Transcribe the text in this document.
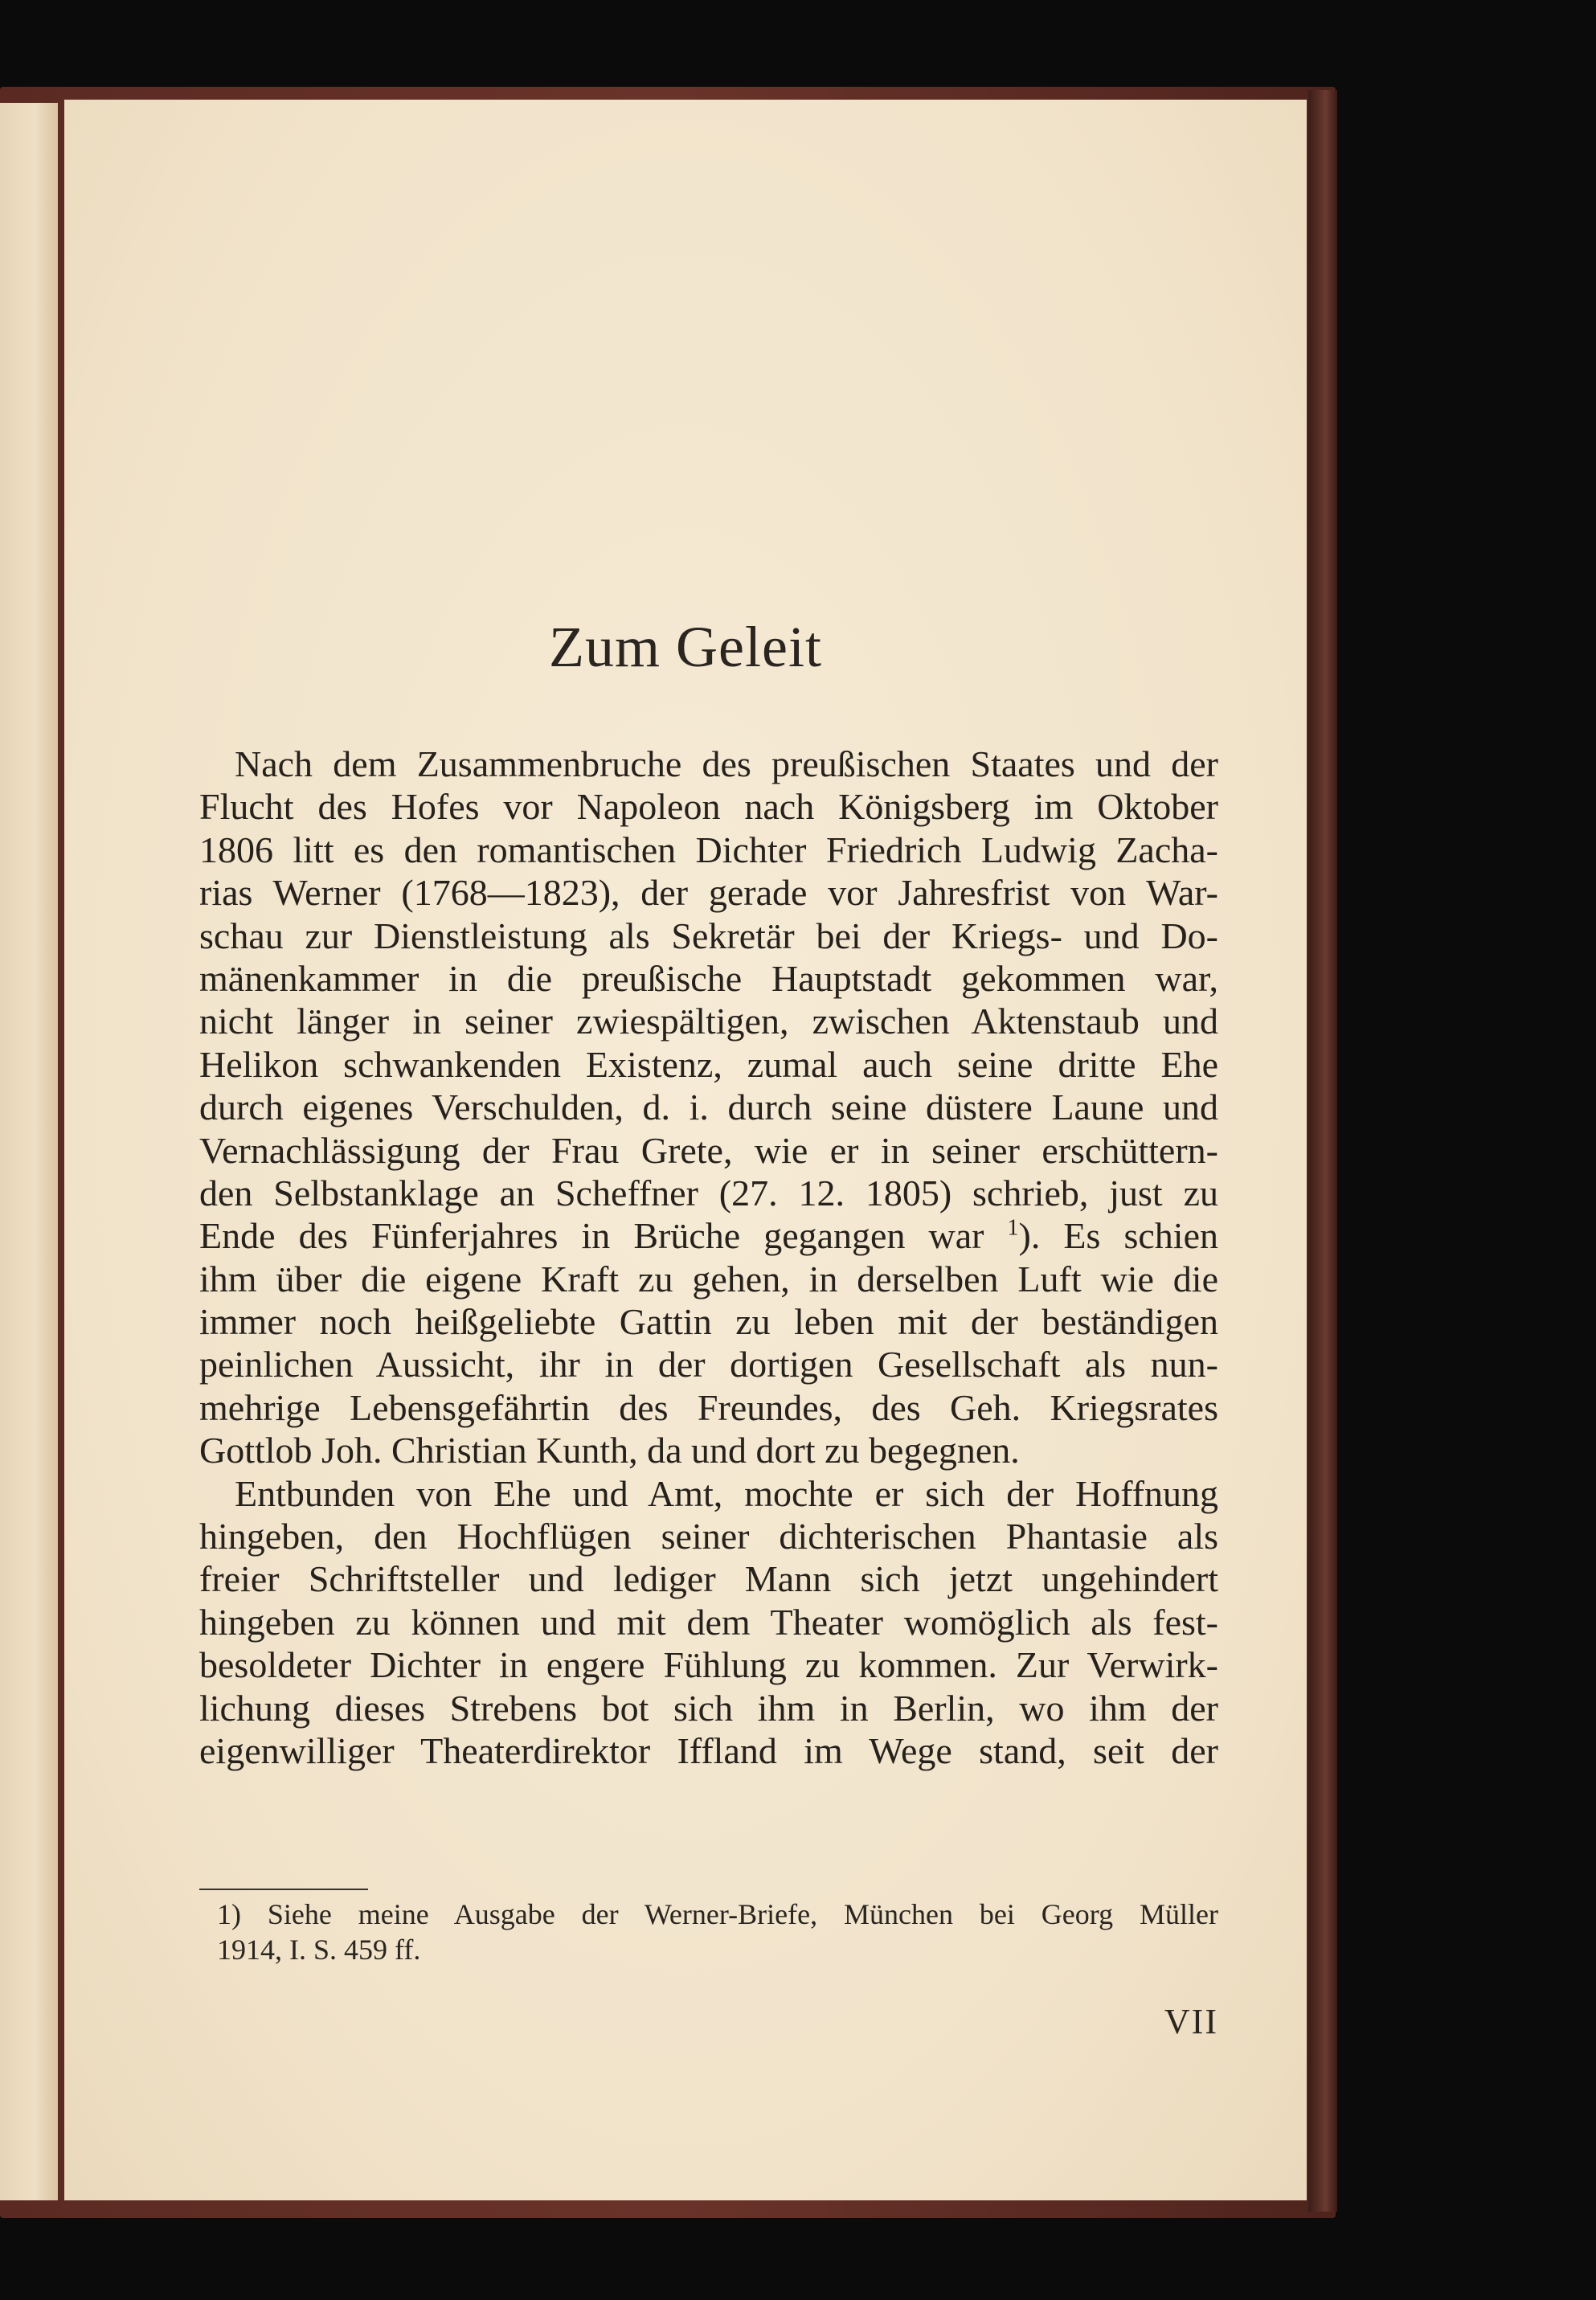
Zum Geleit
Nach dem Zusammenbruche des preußischen Staates und der
Flucht des Hofes vor Napoleon nach Königsberg im Oktober
1806 litt es den romantischen Dichter Friedrich Ludwig Zacha-
rias Werner (1768—1823), der gerade vor Jahresfrist von War-
schau zur Dienstleistung als Sekretär bei der Kriegs- und Do-
mänenkammer in die preußische Hauptstadt gekommen war,
nicht länger in seiner zwiespältigen, zwischen Aktenstaub und
Helikon schwankenden Existenz, zumal auch seine dritte Ehe
durch eigenes Verschulden, d. i. durch seine düstere Laune und
Vernachlässigung der Frau Grete, wie er in seiner erschüttern-
den Selbstanklage an Scheffner (27. 12. 1805) schrieb, just zu
Ende des Fünferjahres in Brüche gegangen war $^1$). Es schien
ihm über die eigene Kraft zu gehen, in derselben Luft wie die
immer noch heißgeliebte Gattin zu leben mit der beständigen
peinlichen Aussicht, ihr in der dortigen Gesellschaft als nun-
mehrige Lebensgefährtin des Freundes, des Geh. Kriegsrates
Gottlob Joh. Christian Kunth, da und dort zu begegnen.
Entbunden von Ehe und Amt, mochte er sich der Hoffnung
hingeben, den Hochflügen seiner dichterischen Phantasie als
freier Schriftsteller und lediger Mann sich jetzt ungehindert
hingeben zu können und mit dem Theater womöglich als fest-
besoldeter Dichter in engere Fühlung zu kommen. Zur Verwirk-
lichung dieses Strebens bot sich ihm in Berlin, wo ihm der
eigenwilliger Theaterdirektor Iffland im Wege stand, seit der
1) Siehe meine Ausgabe der Werner-Briefe, München bei Georg Müller
1914, I. S. 459 ff.
VII
